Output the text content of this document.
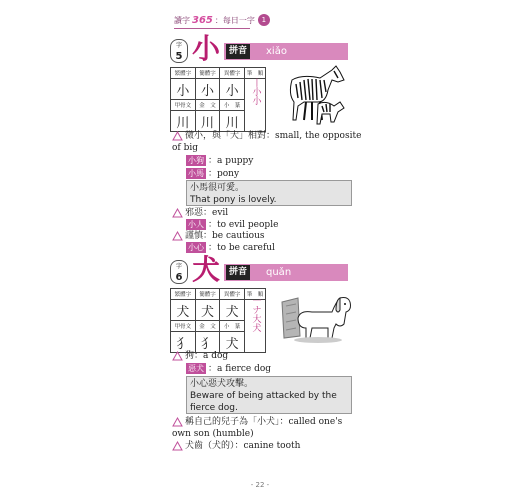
讀字 365 ：每日一字 1
字
5 小 拼音	xiǎo
繁體字	簡體字	異體字	筆　順
小	小	小	
甲骨文	金　文	小　篆	
川	川	川	
丨
小
小
微小，與「大」相對：small, the opposite
of big
小狗 ：a puppy
小馬 ：pony
小馬很可愛。
That pony is lovely.
邪惡：evil
小人 ：to evil people
謹慎：be cautious
小心 ：to be careful
字
6 犬 拼音	quǎn
繁體字	簡體字	異體字	筆　順
犬	犬	犬	
甲骨文	金　文	小　篆	
犭	犭	犬	
一
ナ
大
犬
狗：a dog
惡犬 ：a fierce dog
小心惡犬攻擊。
Beware of being attacked by the fierce dog.
稱自己的兒子為「小犬」：called one's
own son (humble)
犬齒（犬的）：canine tooth
- 22 -
